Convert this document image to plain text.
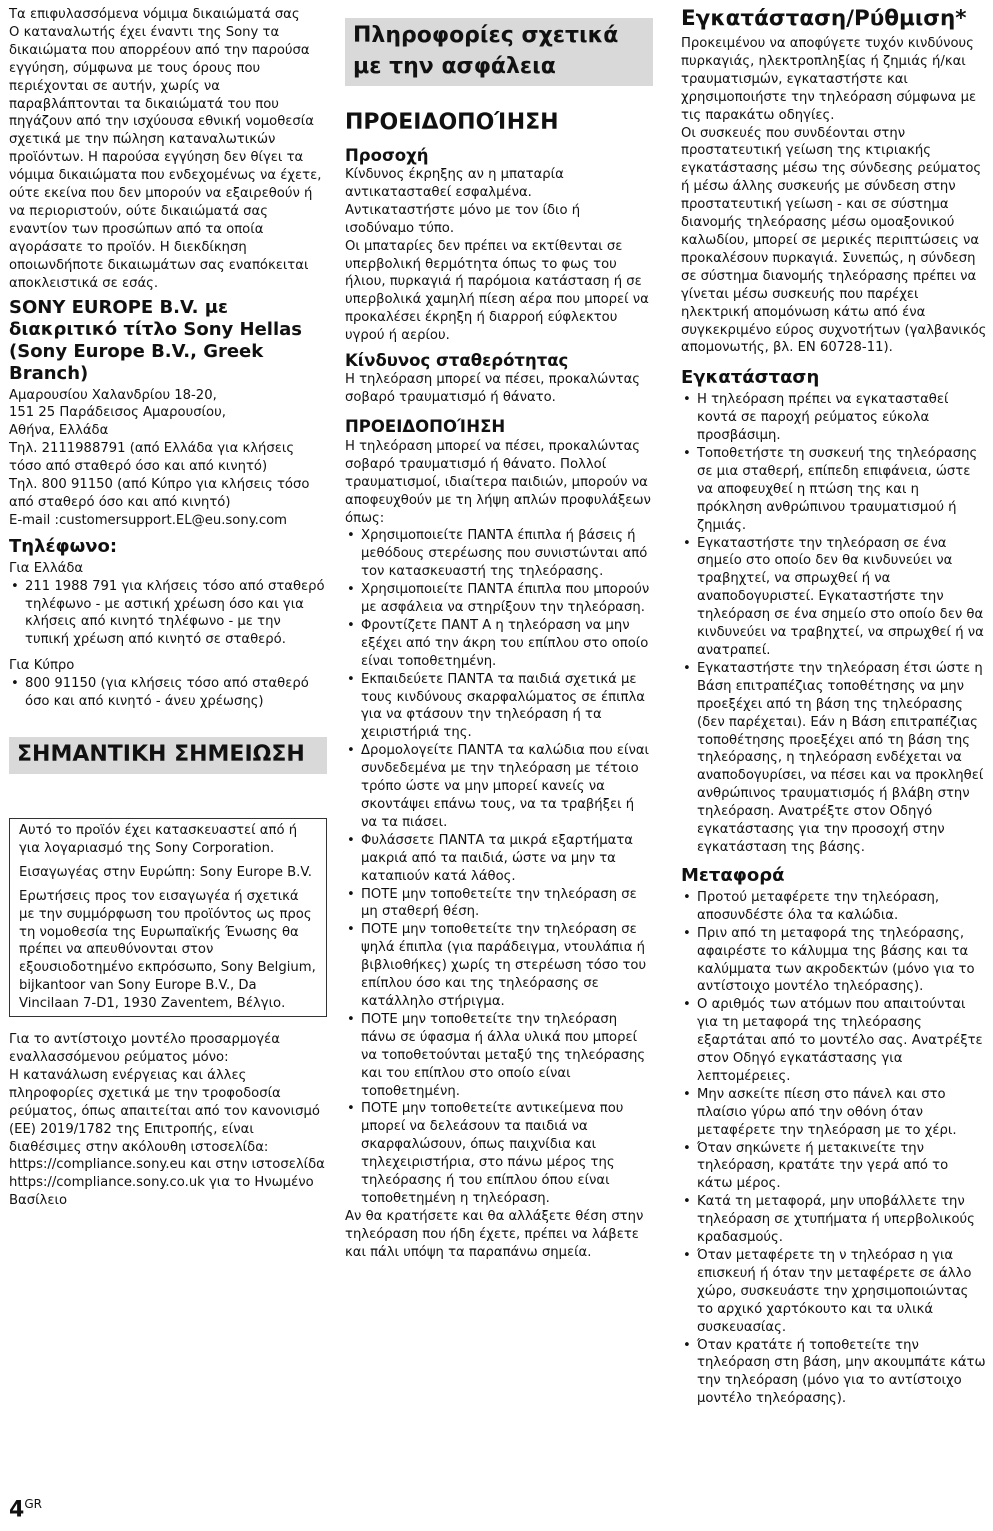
Τα επιφυλασσόμενα νόμιμα δικαιώματά σας

Ο καταναλωτής έχει έναντι της Sony τα δικαιώματα που απορρέουν από την παρούσα εγγύηση, σύμφωνα με τους όρους που περιέχονται σε αυτήν, χωρίς να παραβλάπτονται τα δικαιώματά του που πηγάζουν από την ισχύουσα εθνική νομοθεσία σχετικά με την πώληση καταναλωτικών προϊόντων. Η παρούσα εγγύηση δεν θίγει τα νόμιμα δικαιώματα που ενδεχομένως να έχετε, ούτε εκείνα που δεν μπορούν να εξαιρεθούν ή να περιοριστούν, ούτε δικαιώματά σας εναντίον των προσώπων από τα οποία αγοράσατε το προϊόν. Η διεκδίκηση οποιωνδήποτε δικαιωμάτων σας εναπόκειται αποκλειστικά σε εσάς.

SONY EUROPE B.V. με διακριτικό τίτλο Sony Hellas (Sony Europe B.V., Greek Branch)

Αμαρουσίου Χαλανδρίου 18-20,

151 25 Παράδεισος Αμαρουσίου,

Αθήνα, Ελλάδα

Τηλ. 2111988791 (από Ελλάδα για κλήσεις τόσο από σταθερό όσο και από κινητό)

Τηλ. 800 91150 (από Κύπρο για κλήσεις τόσο από σταθερό όσο και από κινητό)

E-mail :customersupport.EL@eu.sony.com

Τηλέφωνο:

Για Ελλάδα

• 211 1988 791 για κλήσεις τόσο από σταθερό τηλέφωνο - με αστική χρέωση όσο και για κλήσεις από κινητό τηλέφωνο - με την τυπική χρέωση από κινητό σε σταθερό.

Για Κύπρο

• 800 91150 (για κλήσεις τόσο από σταθερό όσο και από κινητό - άνευ χρέωσης)
ΣΗΜΑΝΤΙΚΗ ΣΗΜΕΙΩΣΗ

Αυτό το προϊόν έχει κατασκευαστεί από ή για λογαριασμό της Sony Corporation.

Εισαγωγέας στην Ευρώπη: Sony Europe B.V.

Ερωτήσεις προς τον εισαγωγέα ή σχετικά με την συμμόρφωση του προϊόντος ως προς τη νομοθεσία της Ευρωπαϊκής Ένωσης θα πρέπει να απευθύνονται στον εξουσιοδοτημένο εκπρόσωπο, Sony Belgium, bijkantoor van Sony Europe B.V., Da Vincilaan 7-D1, 1930 Zaventem, Βέλγιο.

Για το αντίστοιχο μοντέλο προσαρμογέα εναλλασσόμενου ρεύματος μόνο:

Η κατανάλωση ενέργειας και άλλες πληροφορίες σχετικά με την τροφοδοσία ρεύματος, όπως απαιτείται από τον κανονισμό (ΕΕ) 2019/1782 της Επιτροπής, είναι διαθέσιμες στην ακόλουθη ιστοσελίδα: https://compliance.sony.eu και στην ιστοσελίδα https://compliance.sony.co.uk για το Ηνωμένο Βασίλειο

Πληροφορίες σχετικά με την ασφάλεια
ΠΡΟΕΙΔΟΠΟΊΗΣΗ
Προσοχή

Κίνδυνος έκρηξης αν η μπαταρία αντικατασταθεί εσφαλμένα.

Αντικαταστήστε μόνο με τον ίδιο ή ισοδύναμο τύπο.

Οι μπαταρίες δεν πρέπει να εκτίθενται σε υπερβολική θερμότητα όπως το φως του ήλιου, πυρκαγιά ή παρόμοια κατάσταση ή σε υπερβολικά χαμηλή πίεση αέρα που μπορεί να προκαλέσει έκρηξη ή διαρροή εύφλεκτου υγρού ή αερίου.

Κίνδυνος σταθερότητας

Η τηλεόραση μπορεί να πέσει, προκαλώντας σοβαρό τραυματισμό ή θάνατο.

ΠΡΟΕΙΔΟΠΟΊΗΣΗ

Η τηλεόραση μπορεί να πέσει, προκαλώντας σοβαρό τραυματισμό ή θάνατο. Πολλοί τραυματισμοί, ιδιαίτερα παιδιών, μπορούν να αποφευχθούν με τη λήψη απλών προφυλάξεων όπως:

• Χρησιμοποιείτε ΠΑΝΤΑ έπιπλα ή βάσεις ή μεθόδους στερέωσης που συνιστώνται από τον κατασκευαστή της τηλεόρασης.
• Χρησιμοποιείτε ΠΑΝΤΑ έπιπλα που μπορούν με ασφάλεια να στηρίξουν την τηλεόραση.
• Φροντίζετε ΠΑΝΤ Α η τηλεόραση να μην εξέχει από την άκρη του επίπλου στο οποίο είναι τοποθετημένη.
• Εκπαιδεύετε ΠΑΝΤΑ τα παιδιά σχετικά με τους κινδύνους σκαρφαλώματος σε έπιπλα για να φτάσουν την τηλεόραση ή τα χειριστήριά της.
• Δρομολογείτε ΠΑΝΤΑ τα καλώδια που είναι συνδεδεμένα με την τηλεόραση με τέτοιο τρόπο ώστε να μην μπορεί κανείς να σκοντάψει επάνω τους, να τα τραβήξει ή να τα πιάσει.
• Φυλάσσετε ΠΑΝΤΑ τα μικρά εξαρτήματα μακριά από τα παιδιά, ώστε να μην τα καταπιούν κατά λάθος.
• ΠΟΤΕ μην τοποθετείτε την τηλεόραση σε μη σταθερή θέση.
• ΠΟΤΕ μην τοποθετείτε την τηλεόραση σε ψηλά έπιπλα (για παράδειγμα, ντουλάπια ή βιβλιοθήκες) χωρίς τη στερέωση τόσο του επίπλου όσο και της τηλεόρασης σε κατάλληλο στήριγμα.
• ΠΟΤΕ μην τοποθετείτε την τηλεόραση πάνω σε ύφασμα ή άλλα υλικά που μπορεί να τοποθετούνται μεταξύ της τηλεόρασης και του επίπλου στο οποίο είναι τοποθετημένη.
• ΠΟΤΕ μην τοποθετείτε αντικείμενα που μπορεί να δελεάσουν τα παιδιά να σκαρφαλώσουν, όπως παιχνίδια και τηλεχειριστήρια, στο πάνω μέρος της τηλεόρασης ή του επίπλου όπου είναι τοποθετημένη η τηλεόραση.

Αν θα κρατήσετε και θα αλλάξετε θέση στην τηλεόραση που ήδη έχετε, πρέπει να λάβετε και πάλι υπόψη τα παραπάνω σημεία.

Εγκατάσταση/Ρύθμιση*

Προκειμένου να αποφύγετε τυχόν κινδύνους πυρκαγιάς, ηλεκτροπληξίας ή ζημιάς ή/και τραυματισμών, εγκαταστήστε και χρησιμοποιήστε την τηλεόραση σύμφωνα με τις παρακάτω οδηγίες.

Οι συσκευές που συνδέονται στην προστατευτική γείωση της κτιριακής εγκατάστασης μέσω της σύνδεσης ρεύματος ή μέσω άλλης συσκευής με σύνδεση στην προστατευτική γείωση - και σε σύστημα διανομής τηλεόρασης μέσω ομοαξονικού καλωδίου, μπορεί σε μερικές περιπτώσεις να προκαλέσουν πυρκαγιά. Συνεπώς, η σύνδεση σε σύστημα διανομής τηλεόρασης πρέπει να γίνεται μέσω συσκευής που παρέχει ηλεκτρική απομόνωση κάτω από ένα συγκεκριμένο εύρος συχνοτήτων (γαλβανικός απομονωτής, βλ. EN 60728-11).

Εγκατάσταση
• Η τηλεόραση πρέπει να εγκατασταθεί κοντά σε παροχή ρεύματος εύκολα προσβάσιμη.
• Τοποθετήστε τη συσκευή της τηλεόρασης σε μια σταθερή, επίπεδη επιφάνεια, ώστε να αποφευχθεί η πτώση της και η πρόκληση ανθρώπινου τραυματισμού ή ζημιάς.
• Εγκαταστήστε την τηλεόραση σε ένα σημείο στο οποίο δεν θα κινδυνεύει να τραβηχτεί, να σπρωχθεί ή να αναποδογυριστεί. Εγκαταστήστε την τηλεόραση σε ένα σημείο στο οποίο δεν θα κινδυνεύει να τραβηχτεί, να σπρωχθεί ή να ανατραπεί.
• Εγκαταστήστε την τηλεόραση έτσι ώστε η Βάση επιτραπέζιας τοποθέτησης να μην προεξέχει από τη βάση της τηλεόρασης (δεν παρέχεται). Εάν η Βάση επιτραπέζιας τοποθέτησης προεξέχει από τη βάση της τηλεόρασης, η τηλεόραση ενδέχεται να αναποδογυρίσει, να πέσει και να προκληθεί ανθρώπινος τραυματισμός ή βλάβη στην τηλεόραση. Ανατρέξτε στον Οδηγό εγκατάστασης για την προσοχή στην εγκατάσταση της βάσης.
Μεταφορά
• Προτού μεταφέρετε την τηλεόραση, αποσυνδέστε όλα τα καλώδια.
• Πριν από τη μεταφορά της τηλεόρασης, αφαιρέστε το κάλυμμα της βάσης και τα καλύμματα των ακροδεκτών (μόνο για το αντίστοιχο μοντέλο τηλεόρασης).
• Ο αριθμός των ατόμων που απαιτούνται για τη μεταφορά της τηλεόρασης εξαρτάται από το μοντέλο σας. Ανατρέξτε στον Οδηγό εγκατάστασης για λεπτομέρειες.
• Μην ασκείτε πίεση στο πάνελ και στο πλαίσιο γύρω από την οθόνη όταν μεταφέρετε την τηλεόραση με το χέρι.
• Όταν σηκώνετε ή μετακινείτε την τηλεόραση, κρατάτε την γερά από το κάτω μέρος.
• Κατά τη μεταφορά, μην υποβάλλετε την τηλεόραση σε χτυπήματα ή υπερβολικούς κραδασμούς.
• Όταν μεταφέρετε τη ν τηλεόρασ η για επισκευή ή όταν την μεταφέρετε σε άλλο χώρο, συσκευάστε την χρησιμοποιώντας το αρχικό χαρτόκουτο και τα υλικά συσκευασίας.
• Όταν κρατάτε ή τοποθετείτε την τηλεόραση στη βάση, μην ακουμπάτε κάτω την τηλεόραση (μόνο για το αντίστοιχο μοντέλο τηλεόρασης).
$4^{GR}$
